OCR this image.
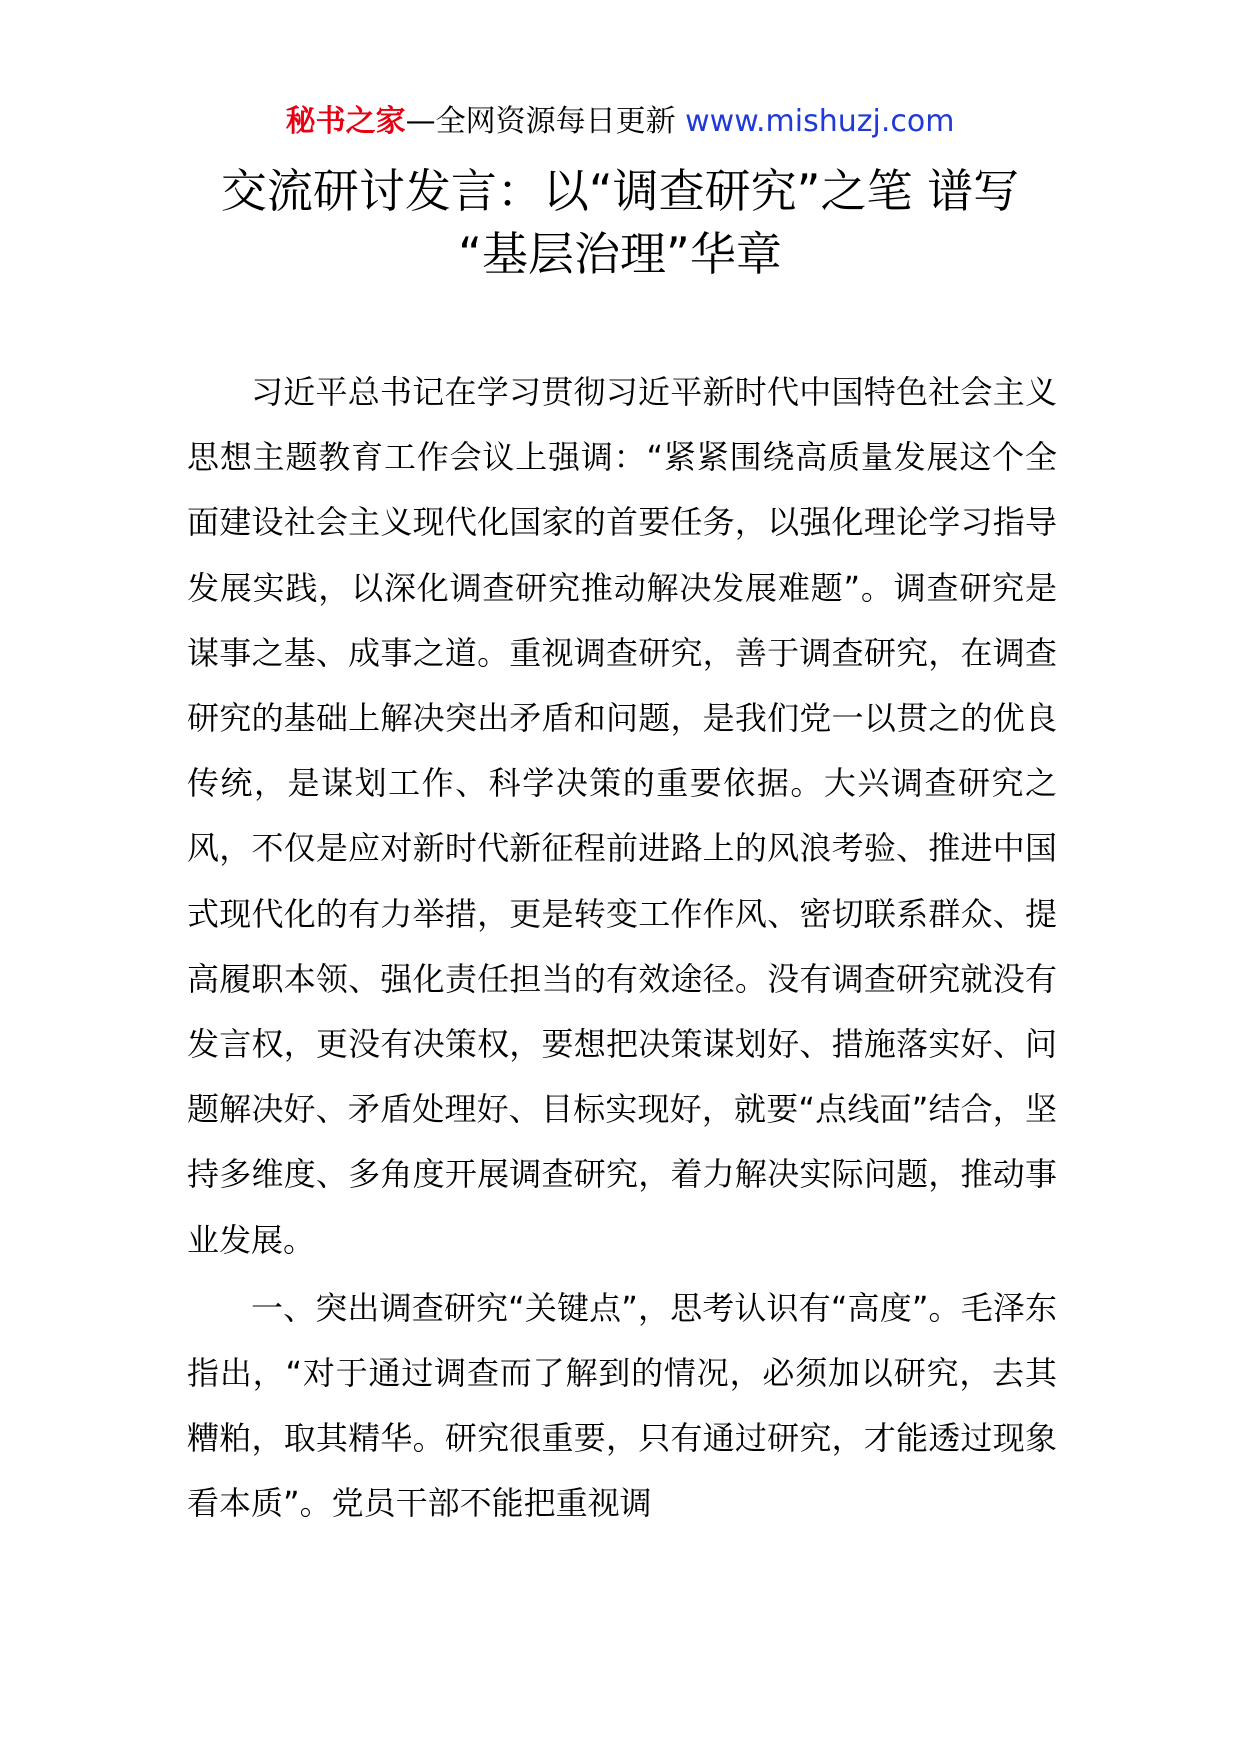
秘书之家—全网资源每日更新 www.mishuzj.com
交流研讨发言：以“调查研究”之笔 谱写
“基层治理”华章

习近平总书记在学习贯彻习近平新时代中国特色社会主义思想主题教育工作会议上强调：“紧紧围绕高质量发展这个全面建设社会主义现代化国家的首要任务，以强化理论学习指导发展实践，以深化调查研究推动解决发展难题”。调查研究是谋事之基、成事之道。重视调查研究，善于调查研究，在调查研究的基础上解决突出矛盾和问题，是我们党一以贯之的优良传统，是谋划工作、科学决策的重要依据。大兴调查研究之风，不仅是应对新时代新征程前进路上的风浪考验、推进中国式现代化的有力举措，更是转变工作作风、密切联系群众、提高履职本领、强化责任担当的有效途径。没有调查研究就没有发言权，更没有决策权，要想把决策谋划好、措施落实好、问题解决好、矛盾处理好、目标实现好，就要“点线面”结合，坚持多维度、多角度开展调查研究，着力解决实际问题，推动事业发展。

一、突出调查研究“关键点”，思考认识有“高度”。毛泽东指出，“对于通过调查而了解到的情况，必须加以研究，去其糟粕，取其精华。研究很重要，只有通过研究，才能透过现象看本质”。党员干部不能把重视调
